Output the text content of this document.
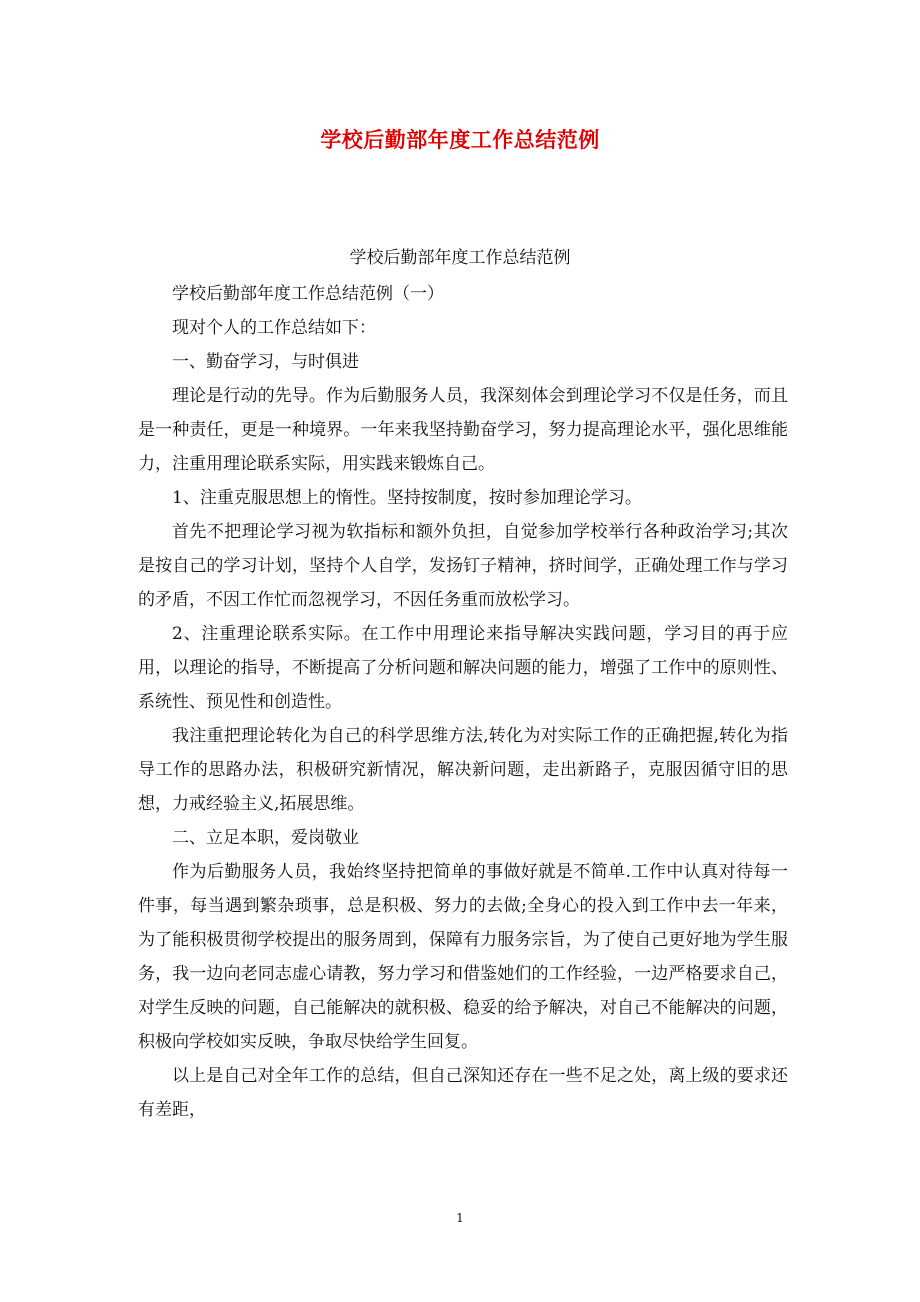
学校后勤部年度工作总结范例
学校后勤部年度工作总结范例

学校后勤部年度工作总结范例（一）

现对个人的工作总结如下：

一、勤奋学习，与时俱进

理论是行动的先导。作为后勤服务人员，我深刻体会到理论学习不仅是任务，而且是一种责任，更是一种境界。一年来我坚持勤奋学习，努力提高理论水平，强化思维能力，注重用理论联系实际，用实践来锻炼自己。

1、注重克服思想上的惰性。坚持按制度，按时参加理论学习。

首先不把理论学习视为软指标和额外负担，自觉参加学校举行各种政治学习;其次是按自己的学习计划，坚持个人自学，发扬钉子精神，挤时间学，正确处理工作与学习的矛盾，不因工作忙而忽视学习，不因任务重而放松学习。

2、注重理论联系实际。在工作中用理论来指导解决实践问题，学习目的再于应用，以理论的指导，不断提高了分析问题和解决问题的能力，增强了工作中的原则性、系统性、预见性和创造性。

我注重把理论转化为自己的科学思维方法,转化为对实际工作的正确把握,转化为指导工作的思路办法，积极研究新情况，解决新问题，走出新路子，克服因循守旧的思想，力戒经验主义,拓展思维。

二、立足本职，爱岗敬业

作为后勤服务人员，我始终坚持把简单的事做好就是不简单.工作中认真对待每一件事，每当遇到繁杂琐事，总是积极、努力的去做;全身心的投入到工作中去一年来，为了能积极贯彻学校提出的服务周到，保障有力服务宗旨，为了使自己更好地为学生服务，我一边向老同志虚心请教，努力学习和借鉴她们的工作经验，一边严格要求自己，对学生反映的问题，自己能解决的就积极、稳妥的给予解决，对自己不能解决的问题，积极向学校如实反映，争取尽快给学生回复。

以上是自己对全年工作的总结，但自己深知还存在一些不足之处，离上级的要求还有差距，

1
